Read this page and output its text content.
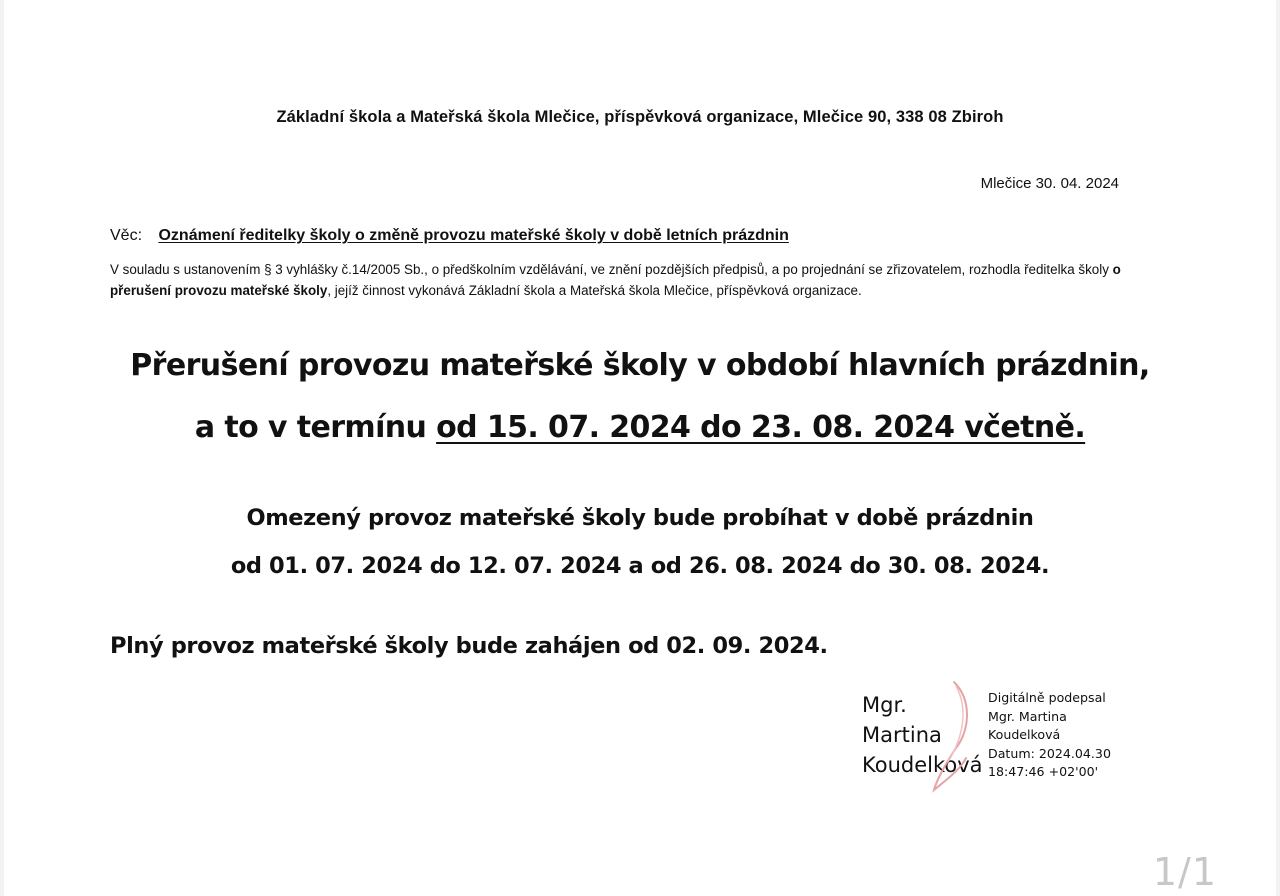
Základní škola a Mateřská škola Mlečice, příspěvková organizace, Mlečice 90, 338 08 Zbiroh
Mlečice 30. 04. 2024
Věc: Oznámení ředitelky školy o změně provozu mateřské školy v době letních prázdnin
V souladu s ustanovením § 3 vyhlášky č.14/2005 Sb., o předškolním vzdělávání, ve znění pozdějších předpisů, a po projednání se zřizovatelem, rozhodla ředitelka školy o přerušení provozu mateřské školy, jejíž činnost vykonává Základní škola a Mateřská škola Mlečice, příspěvková organizace.
Přerušení provozu mateřské školy v období hlavních prázdnin,
a to v termínu od 15. 07. 2024 do 23. 08. 2024 včetně.
Omezený provoz mateřské školy bude probíhat v době prázdnin
od 01. 07. 2024 do 12. 07. 2024 a od 26. 08. 2024 do 30. 08. 2024.
Plný provoz mateřské školy bude zahájen od 02. 09. 2024.
Mgr.
Martina
Koudelková
Digitálně podepsal
Mgr. Martina
Koudelková
Datum: 2024.04.30
18:47:46 +02'00'
1/1
